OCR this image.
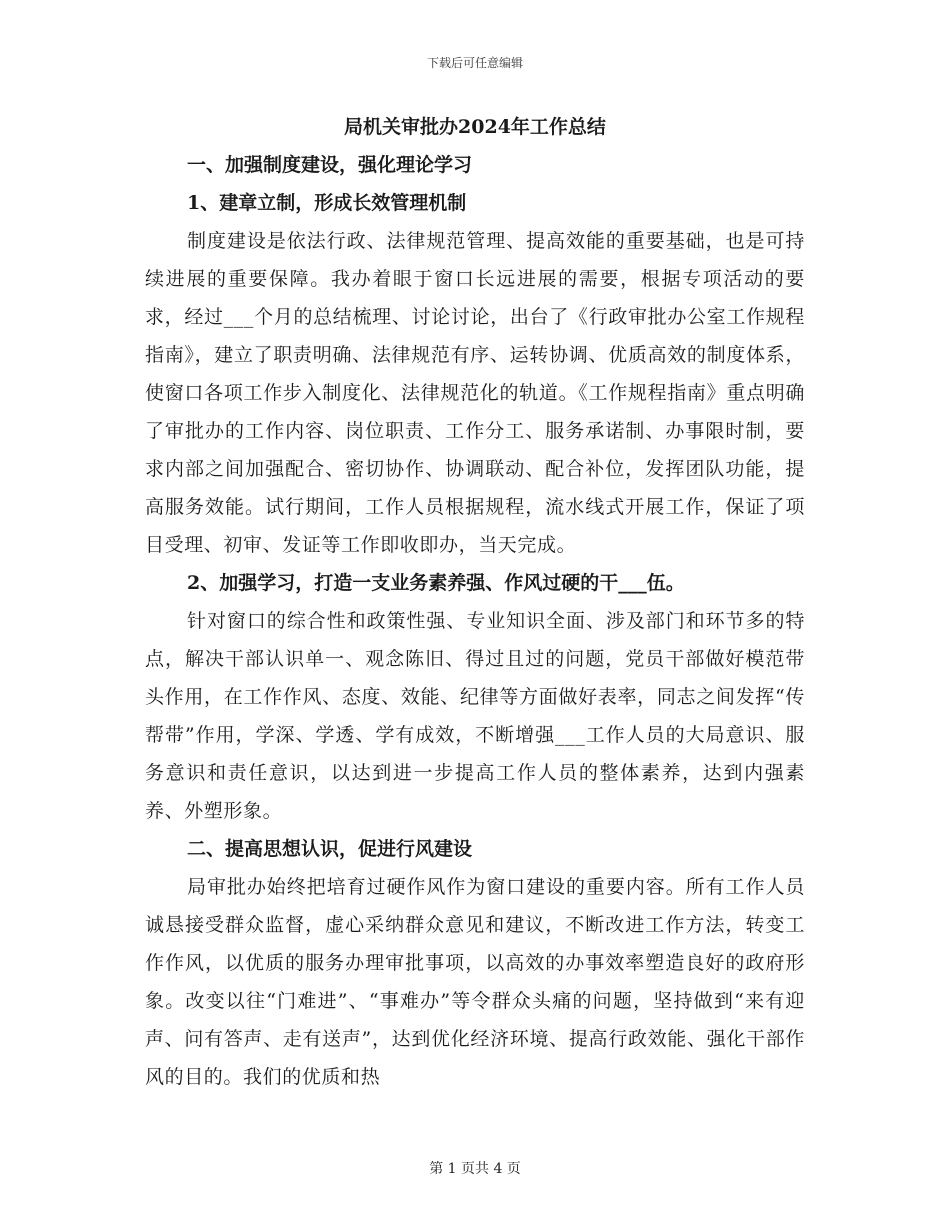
下载后可任意编辑
局机关审批办2024年工作总结
一、加强制度建设，强化理论学习
1、建章立制，形成长效管理机制

制度建设是依法行政、法律规范管理、提高效能的重要基础，也是可持续进展的重要保障。我办着眼于窗口长远进展的需要，根据专项活动的要求，经过___个月的总结梳理、讨论讨论，出台了《行政审批办公室工作规程指南》，建立了职责明确、法律规范有序、运转协调、优质高效的制度体系，使窗口各项工作步入制度化、法律规范化的轨道。《工作规程指南》重点明确了审批办的工作内容、岗位职责、工作分工、服务承诺制、办事限时制，要求内部之间加强配合、密切协作、协调联动、配合补位，发挥团队功能，提高服务效能。试行期间，工作人员根据规程，流水线式开展工作，保证了项目受理、初审、发证等工作即收即办，当天完成。

2、加强学习，打造一支业务素养强、作风过硬的干___伍。

针对窗口的综合性和政策性强、专业知识全面、涉及部门和环节多的特点，解决干部认识单一、观念陈旧、得过且过的问题，党员干部做好模范带头作用，在工作作风、态度、效能、纪律等方面做好表率，同志之间发挥“传帮带”作用，学深、学透、学有成效，不断增强___工作人员的大局意识、服务意识和责任意识，以达到进一步提高工作人员的整体素养，达到内强素养、外塑形象。

二、提高思想认识，促进行风建设

局审批办始终把培育过硬作风作为窗口建设的重要内容。所有工作人员诚恳接受群众监督，虚心采纳群众意见和建议，不断改进工作方法，转变工作作风，以优质的服务办理审批事项，以高效的办事效率塑造良好的政府形象。改变以往“门难进”、“事难办”等令群众头痛的问题，坚持做到“来有迎声、问有答声、走有送声”，达到优化经济环境、提高行政效能、强化干部作风的目的。我们的优质和热

第 1 页共 4 页
